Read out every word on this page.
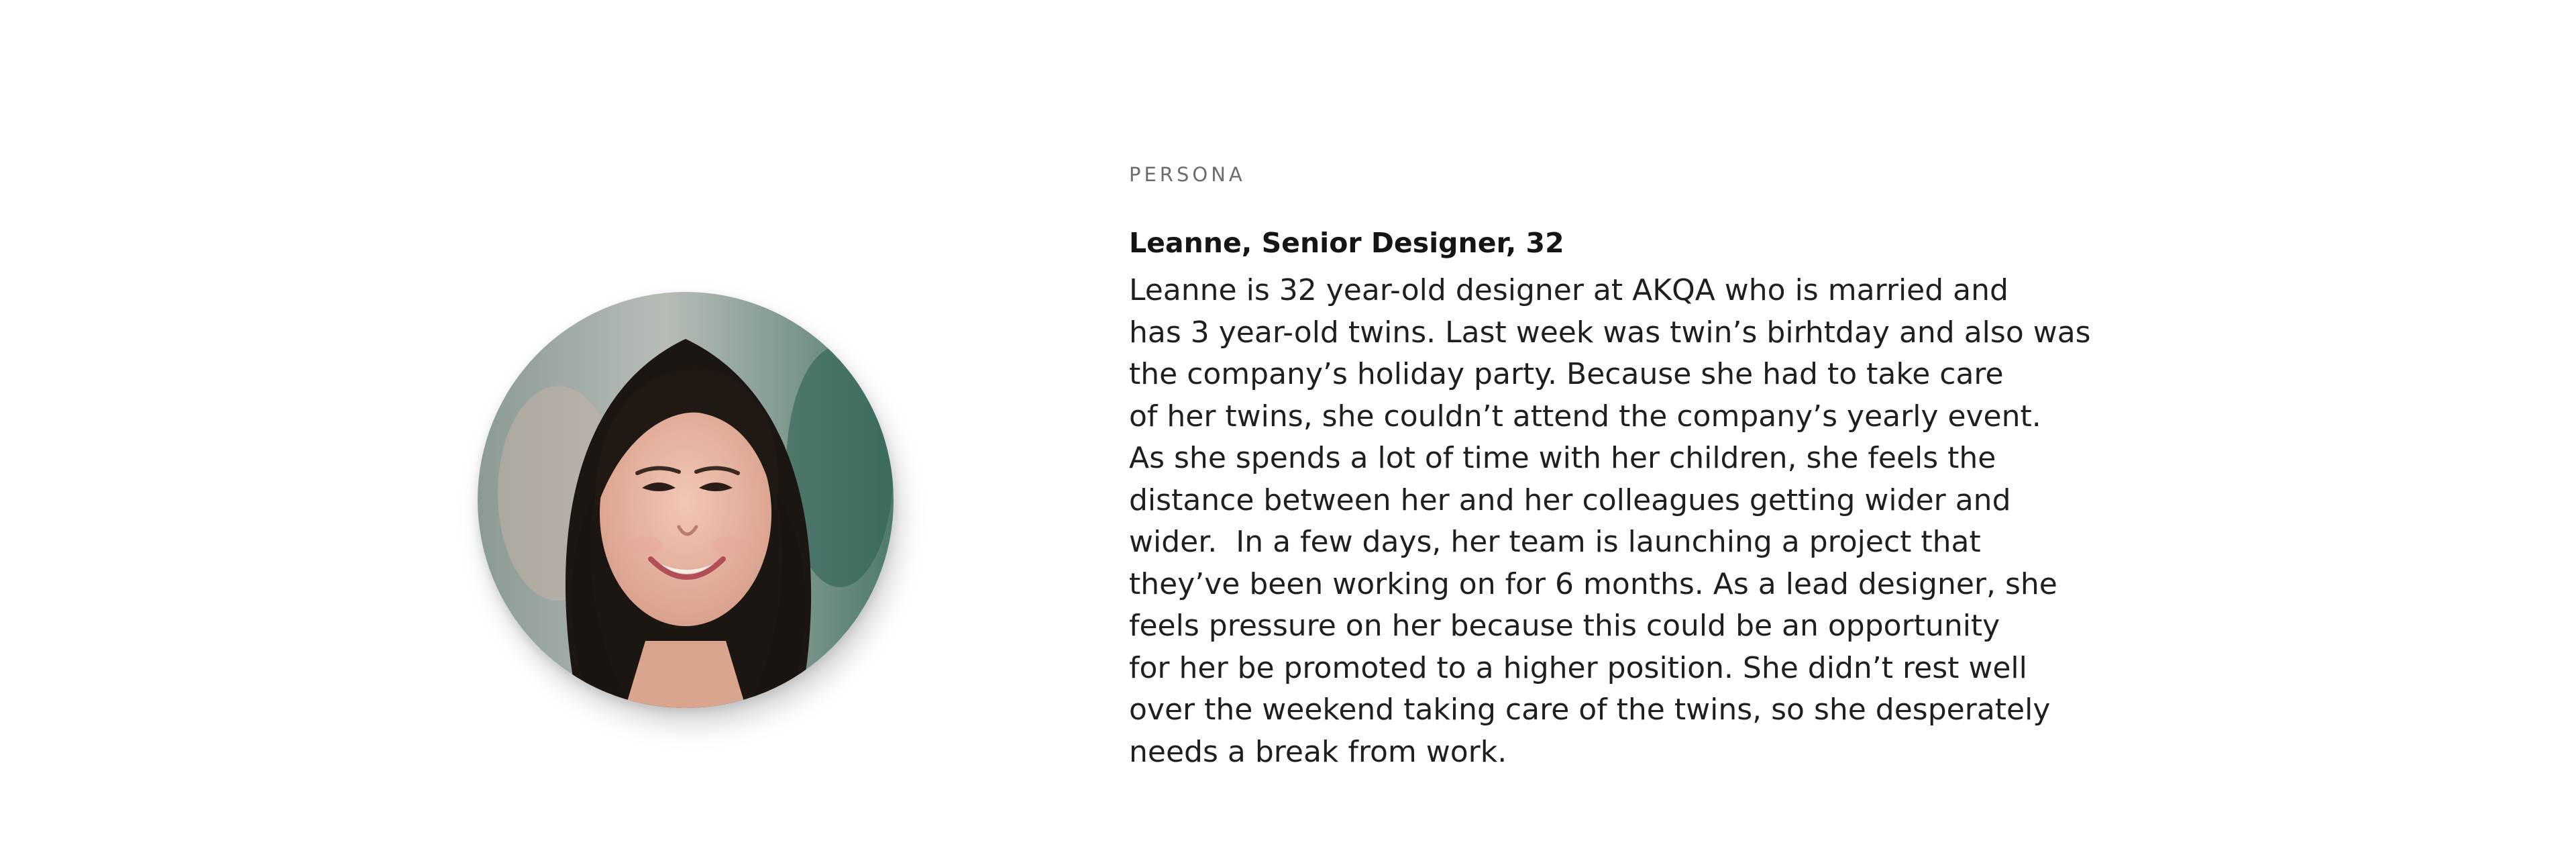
PERSONA

Leanne, Senior Designer, 32
Leanne is 32 year-old designer at AKQA who is married and
has 3 year-old twins. Last week was twin’s birhtday and also was
the company’s holiday party. Because she had to take care
of her twins, she couldn’t attend the company’s yearly event.
As she spends a lot of time with her children, she feels the
distance between her and her colleagues getting wider and
wider.  In a few days, her team is launching a project that
they’ve been working on for 6 months. As a lead designer, she
feels pressure on her because this could be an opportunity
for her be promoted to a higher position. She didn’t rest well
over the weekend taking care of the twins, so she desperately
needs a break from work.
